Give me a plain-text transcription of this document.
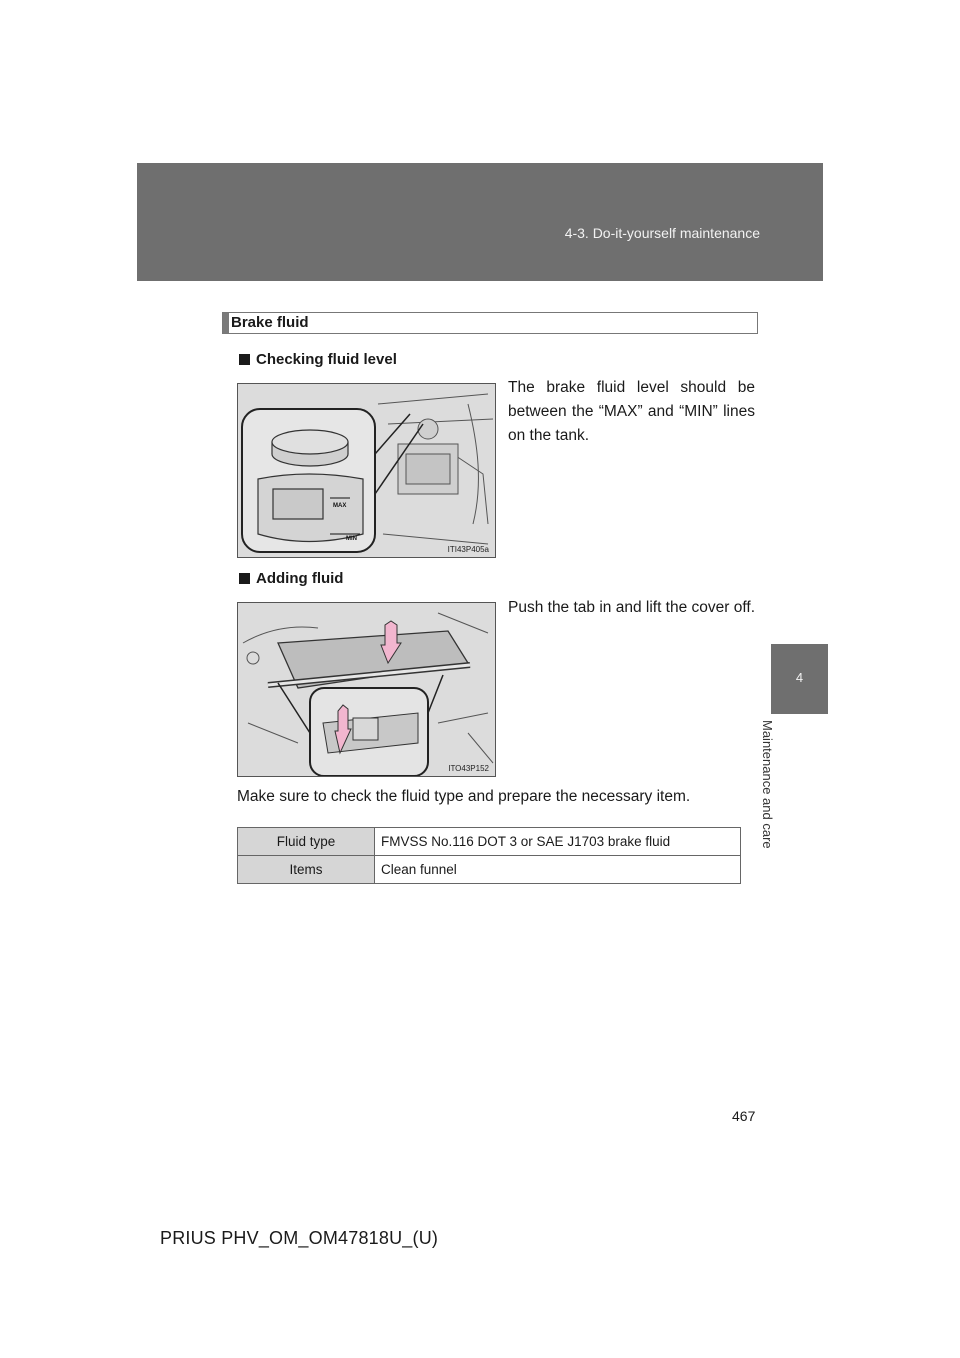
4-3. Do-it-yourself maintenance
4
Maintenance and care
Brake fluid
Checking fluid level
MAX
MIN
ITI43P405a
The brake fluid level should be between the “MAX” and “MIN” lines on the tank.
Adding fluid
ITO43P152
Push the tab in and lift the cover off.
Make sure to check the fluid type and prepare the necessary item.
Fluid type	FMVSS No.116 DOT 3 or SAE J1703 brake fluid
Items	Clean funnel
467
PRIUS PHV_OM_OM47818U_(U)
